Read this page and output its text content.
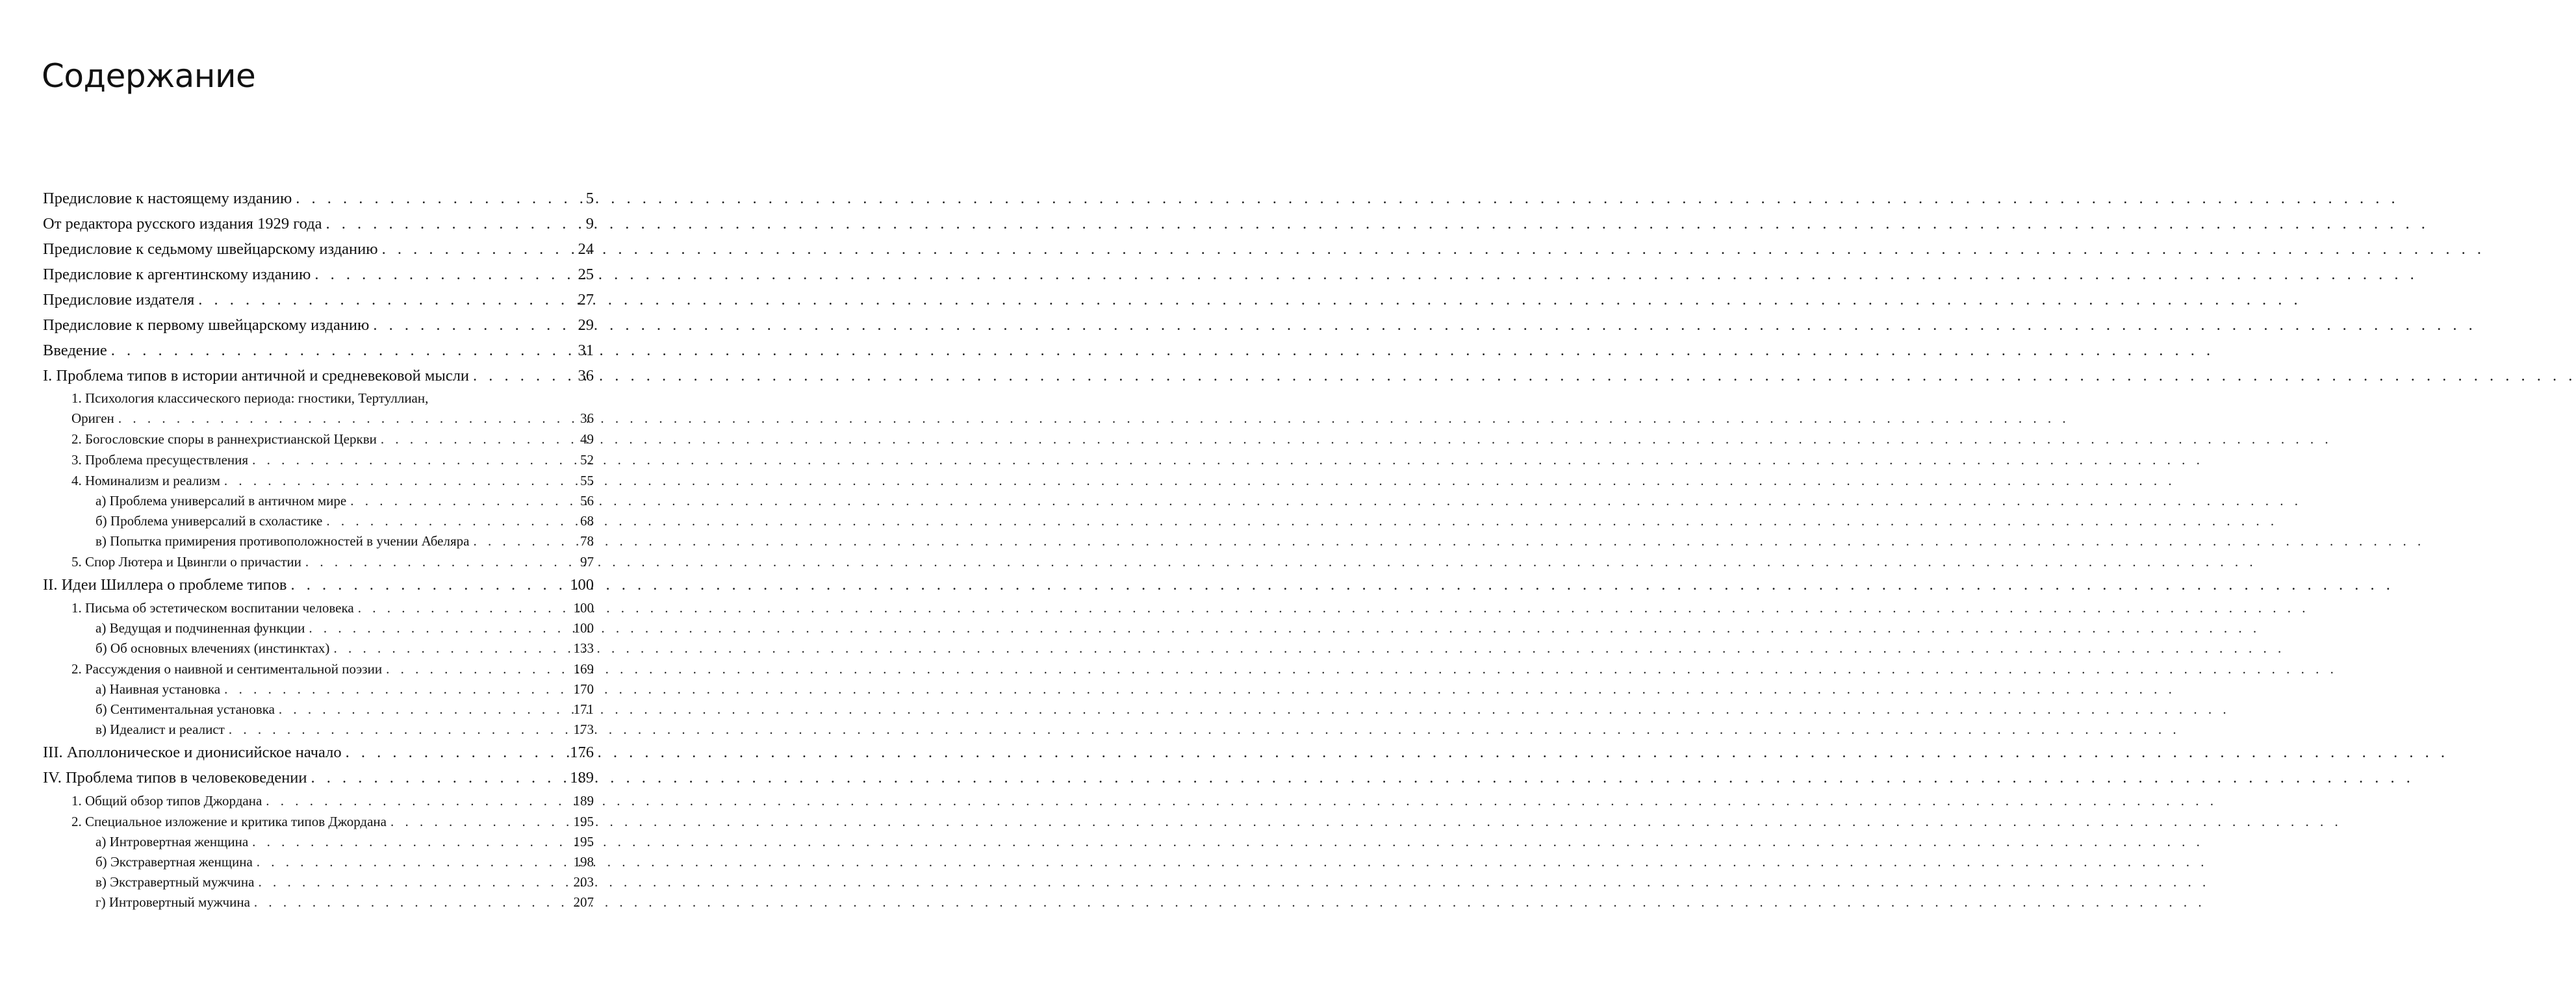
Содержание
Предисловие к настоящему изданию . . .	5
От редактора русского издания 1929 года . . .	9
Предисловие к седьмому швейцарскому изданию . . .	24
Предисловие к аргентинскому изданию . . .	25
Предисловие издателя . . .	27
Предисловие к первому швейцарскому изданию . . .	29
Введение . . .	31
I. Проблема типов в истории античной и средневековой мысли . . .	36
1. Психология классического периода: гностики, Тертуллиан,
Ориген . . .	36
2. Богословские споры в раннехристианской Церкви . . .	49
3. Проблема пресуществления . . .	52
4. Номинализм и реализм . . .	55
а) Проблема универсалий в античном мире . . .	56
б) Проблема универсалий в схоластике . . .	68
в) Попытка примирения противоположностей в учении Абеляра . . .	78
5. Спор Лютера и Цвингли о причастии . . .	97
II. Идеи Шиллера о проблеме типов . . .	100
1. Письма об эстетическом воспитании человека . . .	100
а) Ведущая и подчиненная функции . . .	100
б) Об основных влечениях (инстинктах) . . .	133
2. Рассуждения о наивной и сентиментальной поэзии . . .	169
а) Наивная установка . . .	170
б) Сентиментальная установка . . .	171
в) Идеалист и реалист . . .	173
III. Аполлоническое и дионисийское начало . . .	176
IV. Проблема типов в человековедении . . .	189
1. Общий обзор типов Джордана . . .	189
2. Специальное изложение и критика типов Джордана . . .	195
а) Интровертная женщина . . .	195
б) Экстравертная женщина . . .	198
в) Экстравертный мужчина . . .	203
г) Интровертный мужчина . . .	207
